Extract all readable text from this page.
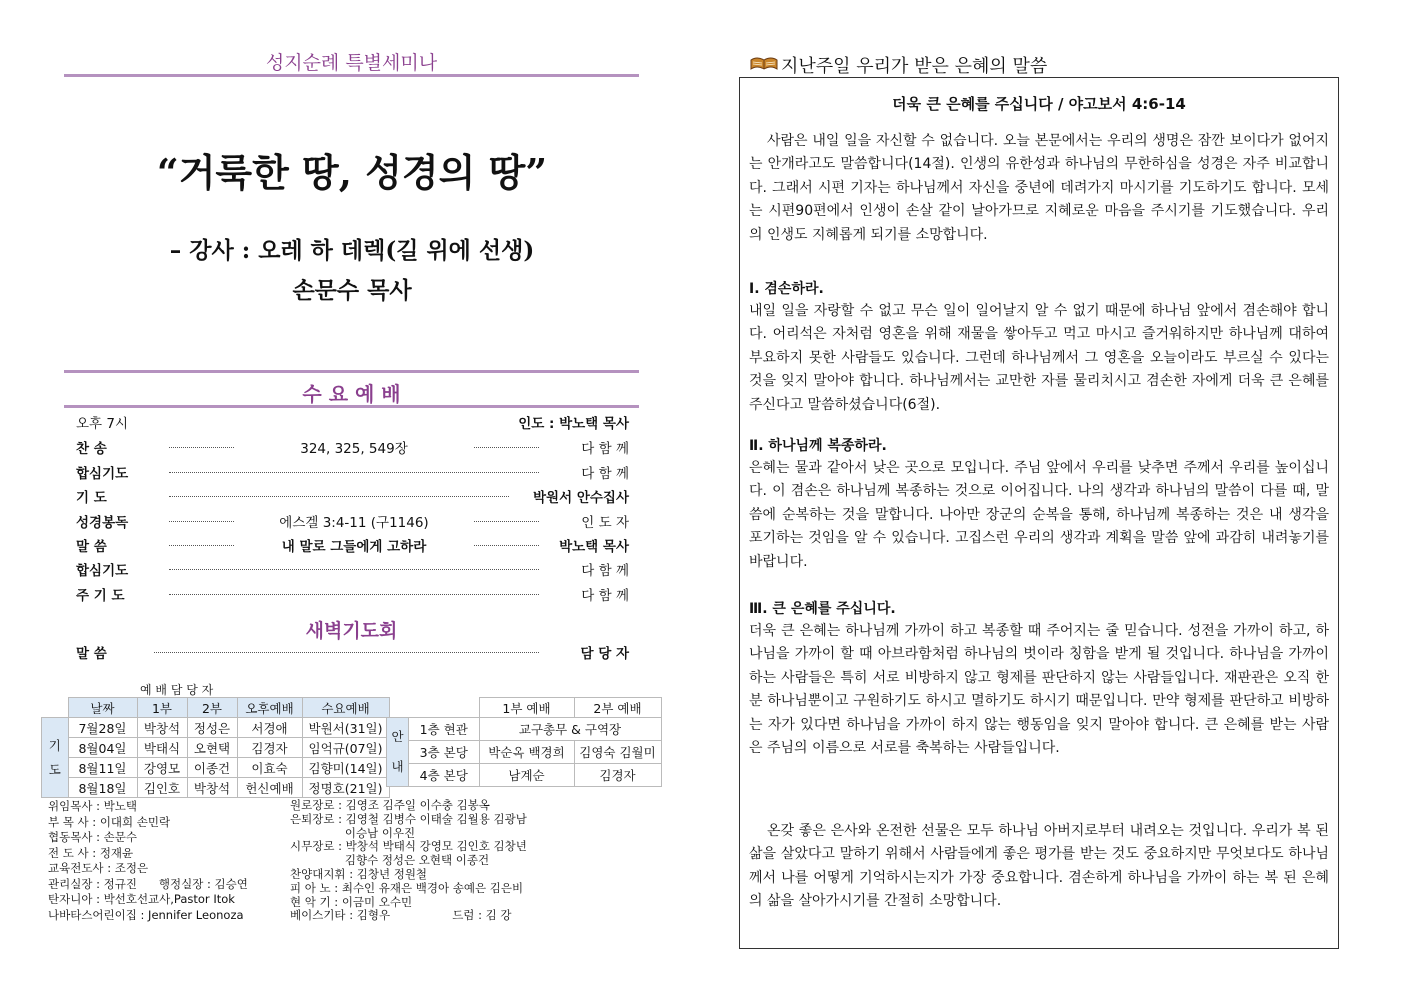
성지순례 특별세미나
“거룩한 땅, 성경의 땅”
– 강사 : 오레 하 데렉(길 위에 선생)
손문수 목사
수 요 예 배
오후 7시	인도 : 박노택 목사
찬 송	324, 325, 549장	다 함 께
합심기도	다 함 께
기 도	박원서 안수집사
성경봉독	에스겔 3:4-11 (구1146)	인 도 자
말 씀	내 말로 그들에게 고하라	박노택 목사
합심기도	다 함 께
주 기 도	다 함 께
새벽기도회
말 씀	담 당 자
예 배 담 당 자
	날짜	1부	2부	오후예배	수요예배
기도	7월28일	박창석	정성은	서경애	박원서(31일)
	8월04일	박태식	오현택	김경자	임억규(07일)
	8월11일	강영모	이종건	이효숙	김향미(14일)
	8월18일	김인호	박창석	헌신예배	정명호(21일)
		1부 예배	2부 예배
안내	1층 현관	교구총무 & 구역장	
	3층 본당	박순옥 백경희	김영숙 김월미
	4층 본당	남계순	김경자
위임목사 : 박노택
부 목 사 : 이대희 손민락
협동목사 : 손문수
전 도 사 : 정재윤
교육전도사 : 조정은
관리실장 : 정규진      행정실장 : 김승연
탄자니아 : 박선호선교사,Pastor Itok
나바타스어린이집 : Jennifer Leonoza
원로장로 : 김영조 김주일 이수충 김봉옥
은퇴장로 : 김영철 김병수 이태술 김월용 김광남
이승남 이우진
시무장로 : 박창석 박태식 강영모 김인호 김창년
김향수 정성은 오현택 이종건
찬양대지휘 : 김창년 정원철
피 아 노 : 최수인 유재은 백경아 송예은 김은비
현 악 기 : 이금미 오수민
베이스기타 : 김형우                 드럼 : 김 강
지난주일 우리가 받은 은혜의 말씀
더욱 큰 은혜를 주십니다 / 야고보서 4:6-14
사람은 내일 일을 자신할 수 없습니다. 오늘 본문에서는 우리의 생명은 잠깐 보이다가 없어지는 안개라고도 말씀합니다(14절). 인생의 유한성과 하나님의 무한하심을 성경은 자주 비교합니다. 그래서 시편 기자는 하나님께서 자신을 중년에 데려가지 마시기를 기도하기도 합니다. 모세는 시편90편에서 인생이 손살 같이 날아가므로 지혜로운 마음을 주시기를 기도했습니다. 우리의 인생도 지혜롭게 되기를 소망합니다.
Ⅰ. 겸손하라.
내일 일을 자랑할 수 없고 무슨 일이 일어날지 알 수 없기 때문에 하나님 앞에서 겸손해야 합니다. 어리석은 자처럼 영혼을 위해 재물을 쌓아두고 먹고 마시고 즐거워하지만 하나님께 대하여 부요하지 못한 사람들도 있습니다. 그런데 하나님께서 그 영혼을 오늘이라도 부르실 수 있다는 것을 잊지 말아야 합니다. 하나님께서는 교만한 자를 물리치시고 겸손한 자에게 더욱 큰 은혜를 주신다고 말씀하셨습니다(6절).
Ⅱ. 하나님께 복종하라.
은혜는 물과 같아서 낮은 곳으로 모입니다. 주님 앞에서 우리를 낮추면 주께서 우리를 높이십니다. 이 겸손은 하나님께 복종하는 것으로 이어집니다. 나의 생각과 하나님의 말씀이 다를 때, 말씀에 순복하는 것을 말합니다. 나아만 장군의 순복을 통해, 하나님께 복종하는 것은 내 생각을 포기하는 것임을 알 수 있습니다. 고집스런 우리의 생각과 계획을 말씀 앞에 과감히 내려놓기를 바랍니다.
Ⅲ. 큰 은혜를 주십니다.
더욱 큰 은혜는 하나님께 가까이 하고 복종할 때 주어지는 줄 믿습니다. 성전을 가까이 하고, 하나님을 가까이 할 때 아브라함처럼 하나님의 벗이라 칭함을 받게 될 것입니다. 하나님을 가까이 하는 사람들은 특히 서로 비방하지 않고 형제를 판단하지 않는 사람들입니다. 재판관은 오직 한 분 하나님뿐이고 구원하기도 하시고 멸하기도 하시기 때문입니다. 만약 형제를 판단하고 비방하는 자가 있다면 하나님을 가까이 하지 않는 행동임을 잊지 말아야 합니다. 큰 은혜를 받는 사람은 주님의 이름으로 서로를 축복하는 사람들입니다.
온갖 좋은 은사와 온전한 선물은 모두 하나님 아버지로부터 내려오는 것입니다. 우리가 복 된 삶을 살았다고 말하기 위해서 사람들에게 좋은 평가를 받는 것도 중요하지만 무엇보다도 하나님께서 나를 어떻게 기억하시는지가 가장 중요합니다. 겸손하게 하나님을 가까이 하는 복 된 은혜의 삶을 살아가시기를 간절히 소망합니다.
